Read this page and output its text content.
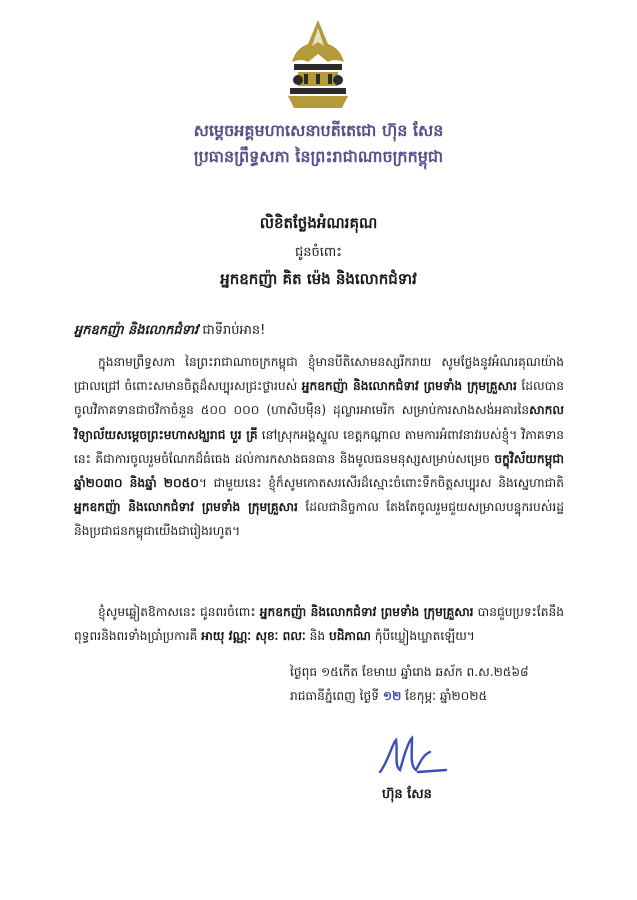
សម្តេចអគ្គមហាសេនាបតីតេជោ ហ៊ុន សែន
ប្រធានព្រឹទ្ធសភា នៃព្រះរាជាណាចក្រកម្ពុជា
លិខិតថ្លែងអំណរគុណ
ជូនចំពោះ
អ្នកឧកញ៉ា គិត ម៉េង និងលោកជំទាវ
អ្នកឧកញ៉ា និងលោកជំទាវ ជាទីរាប់អាន!
ក្នុងនាមព្រឹទ្ធសភា នៃព្រះរាជាណាចក្រកម្ពុជា ខ្ញុំមានបីតិសោមនស្សរីករាយ សូមថ្លែងនូវអំណរគុណយ៉ាងជ្រាលជ្រៅ ចំពោះសមានចិត្តដ៏សប្បុរសជ្រះថ្លារបស់ អ្នកឧកញ៉ា និងលោកជំទាវ ព្រមទាំង ក្រុមគ្រួសារ ដែលបានចូលវិភាគទានជាថវិកាចំនួន ៥០០ ០០០ (ហាសិបម៉ឺន) ដុល្លារអាមេរិក សម្រាប់ការសាងសង់អគារនៃសាកលវិទ្យាល័យសម្តេចព្រះមហាសង្ឃរាជ បួរ គ្រី នៅស្រុកអង្គស្នួល ខេត្តកណ្តាល តាមការអំពាវនាវរបស់ខ្ញុំ។ វិភាគទាននេះ គឺជាការចូលរួមចំណែកដ៏ធំធេង ដល់ការកសាងធនធាន និងមូលធនមនុស្សសម្រាប់សម្រេច ចក្ខុវិស័យកម្ពុជាឆ្នាំ២០៣០ និងឆ្នាំ ២០៥០។ ជាមួយនេះ ខ្ញុំក៏សូមកោតសរសើរដ៏ស្មោះចំពោះទឹកចិត្តសប្បុរស និងស្នេហាជាតិ អ្នកឧកញ៉ា និងលោកជំទាវ ព្រមទាំង ក្រុមគ្រួសារ ដែលជានិច្ចកាល តែងតែចូលរួមជួយសម្រាលបន្ទុករបស់រដ្ឋ និងប្រជាជនកម្ពុជាយើងជារៀងរហូត។
ខ្ញុំសូមឆ្លៀតឱកាសនេះ ជូនពរចំពោះ អ្នកឧកញ៉ា និងលោកជំទាវ ព្រមទាំង ក្រុមគ្រួសារ បានជួបប្រទះតែនឹងពុទ្ធពរនិងពរទាំងប្រាំប្រការគឺ អាយុ វណ្ណៈ សុខៈ ពលៈ និង បដិភាណ កុំបីឃ្លៀងឃ្លាតឡើយ។
ថ្ងៃពុធ ១៥កើត ខែមាឃ ឆ្នាំរោង ឆស័ក ព.ស.២៥៦៨
រាជធានីភ្នំពេញ ថ្ងៃទី ១២ ខែកុម្ភៈ ឆ្នាំ២០២៥
ហ៊ុន សែន
